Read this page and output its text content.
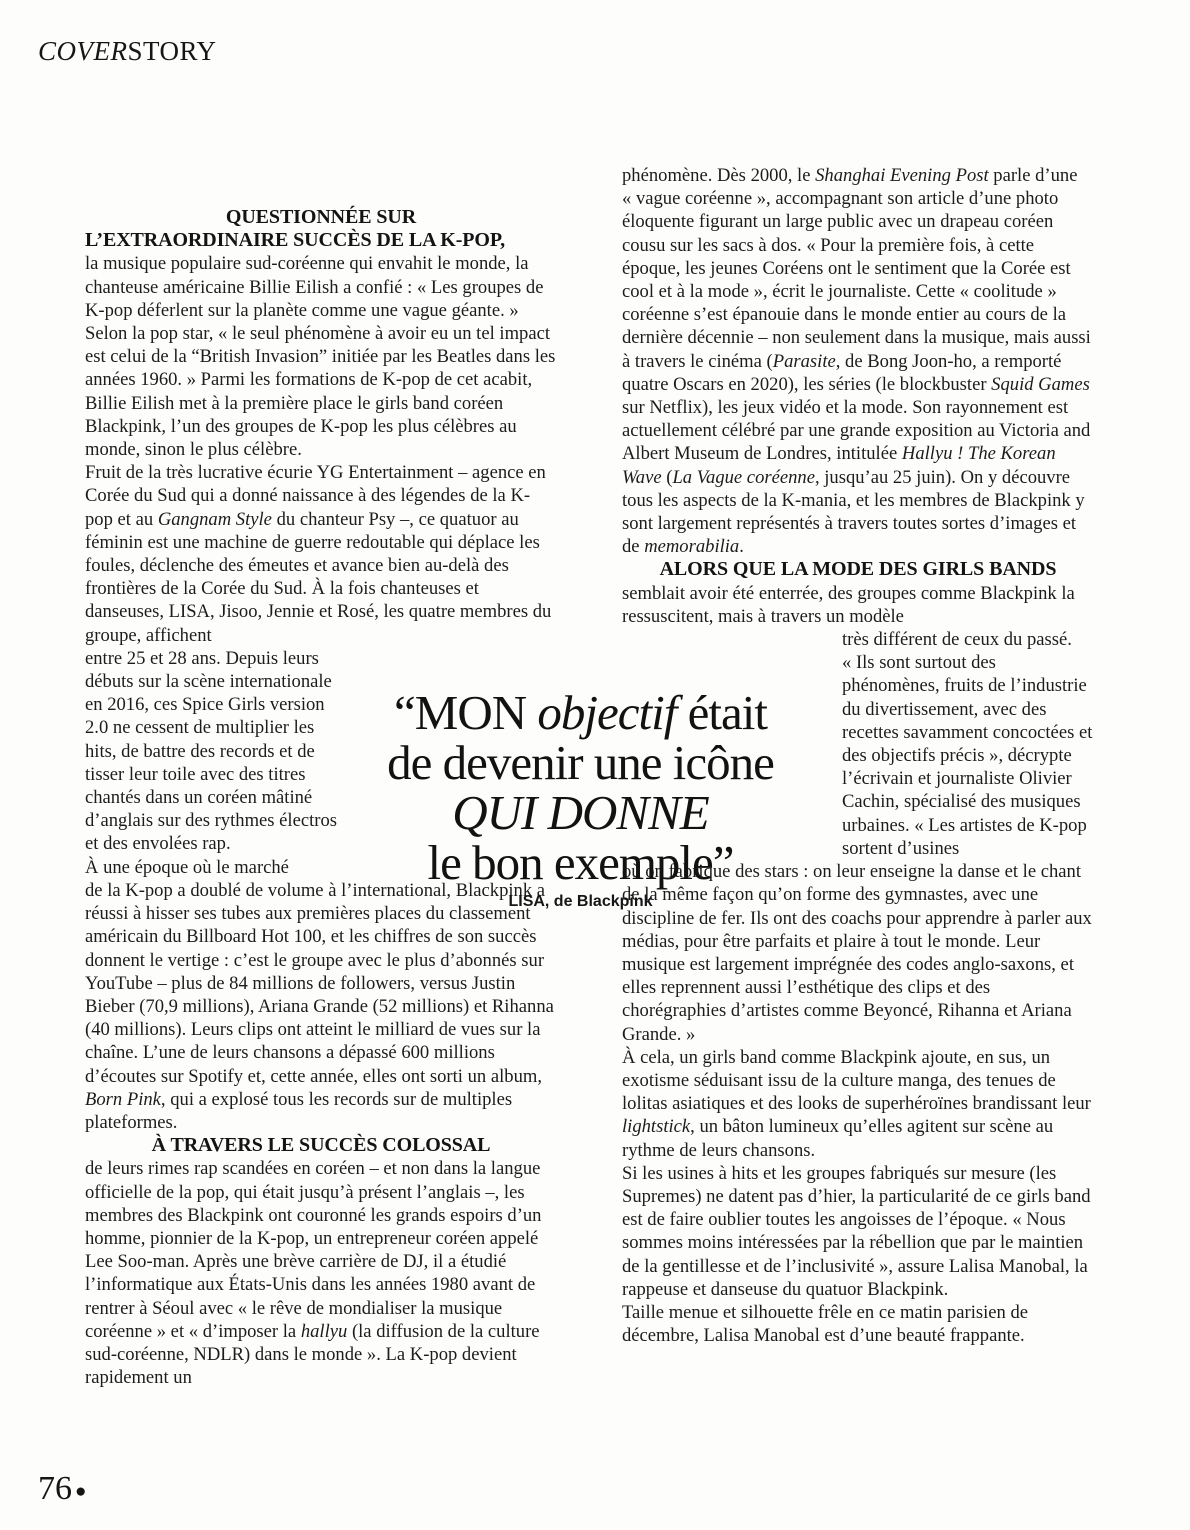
COVERSTORY

QUESTIONNÉE SUR

L’EXTRAORDINAIRE SUCCÈS DE LA K-POP,

la musique populaire sud-coréenne qui envahit le monde, la chanteuse américaine Billie Eilish a confié : « Les groupes de K-pop déferlent sur la planète comme une vague géante. » Selon la pop star, « le seul phénomène à avoir eu un tel impact est celui de la “British Invasion” initiée par les Beatles dans les années 1960. » Parmi les formations de K-pop de cet acabit, Billie Eilish met à la première place le girls band coréen Blackpink, l’un des groupes de K-pop les plus célèbres au monde, sinon le plus célèbre.

Fruit de la très lucrative écurie YG Entertainment – agence en Corée du Sud qui a donné naissance à des légendes de la K-pop et au Gangnam Style du chanteur Psy –, ce quatuor au féminin est une machine de guerre redoutable qui déplace les foules, déclenche des émeutes et avance bien au-delà des frontières de la Corée du Sud. À la fois chanteuses et danseuses, LISA, Jisoo, Jennie et Rosé, les quatre membres du groupe, affichent

entre 25 et 28 ans. Depuis leurs débuts sur la scène internationale en 2016, ces Spice Girls version 2.0 ne cessent de multiplier les hits, de battre des records et de tisser leur toile avec des titres chantés dans un coréen mâtiné d’anglais sur des rythmes électros et des envolées rap.

À une époque où le marché

de la K-pop a doublé de volume à l’international, Blackpink a réussi à hisser ses tubes aux premières places du classement américain du Billboard Hot 100, et les chiffres de son succès donnent le vertige : c’est le groupe avec le plus d’abonnés sur YouTube – plus de 84 millions de followers, versus Justin Bieber (70,9 millions), Ariana Grande (52 millions) et Rihanna (40 millions). Leurs clips ont atteint le milliard de vues sur la chaîne. L’une de leurs chansons a dépassé 600 millions d’écoutes sur Spotify et, cette année, elles ont sorti un album, Born Pink, qui a explosé tous les records sur de multiples plateformes.

À TRAVERS LE SUCCÈS COLOSSAL

de leurs rimes rap scandées en coréen – et non dans la langue officielle de la pop, qui était jusqu’à présent l’anglais –, les membres des Blackpink ont couronné les grands espoirs d’un homme, pionnier de la K-pop, un entrepreneur coréen appelé Lee Soo-man. Après une brève carrière de DJ, il a étudié l’informatique aux États-Unis dans les années 1980 avant de rentrer à Séoul avec « le rêve de mondialiser la musique coréenne » et « d’imposer la hallyu (la diffusion de la culture sud-coréenne, NDLR) dans le monde ». La K-pop devient rapidement un

phénomène. Dès 2000, le Shanghai Evening Post parle d’une « vague coréenne », accompagnant son article d’une photo éloquente figurant un large public avec un drapeau coréen cousu sur les sacs à dos. « Pour la première fois, à cette époque, les jeunes Coréens ont le sentiment que la Corée est cool et à la mode », écrit le journaliste. Cette « coolitude » coréenne s’est épanouie dans le monde entier au cours de la dernière décennie – non seulement dans la musique, mais aussi à travers le cinéma (Parasite, de Bong Joon-ho, a remporté quatre Oscars en 2020), les séries (le blockbuster Squid Games sur Netflix), les jeux vidéo et la mode. Son rayonnement est actuellement célébré par une grande exposition au Victoria and Albert Museum de Londres, intitulée Hallyu ! The Korean Wave (La Vague coréenne, jusqu’au 25 juin). On y découvre tous les aspects de la K-mania, et les membres de Blackpink y sont largement représentés à travers toutes sortes d’images et de memorabilia.

ALORS QUE LA MODE DES GIRLS BANDS

semblait avoir été enterrée, des groupes comme Blackpink la ressuscitent, mais à travers un modèle

très différent de ceux du passé. « Ils sont surtout des phénomènes, fruits de l’industrie du divertissement, avec des recettes savamment concoctées et des objectifs précis », décrypte l’écrivain et journaliste Olivier Cachin, spécialisé des musiques urbaines. « Les artistes de K-pop sortent d’usines

où on fabrique des stars : on leur enseigne la danse et le chant de la même façon qu’on forme des gymnastes, avec une discipline de fer. Ils ont des coachs pour apprendre à parler aux médias, pour être parfaits et plaire à tout le monde. Leur musique est largement imprégnée des codes anglo-saxons, et elles reprennent aussi l’esthétique des clips et des chorégraphies d’artistes comme Beyoncé, Rihanna et Ariana Grande. »

À cela, un girls band comme Blackpink ajoute, en sus, un exotisme séduisant issu de la culture manga, des tenues de lolitas asiatiques et des looks de superhéroïnes brandissant leur lightstick, un bâton lumineux qu’elles agitent sur scène au rythme de leurs chansons.

Si les usines à hits et les groupes fabriqués sur mesure (les Supremes) ne datent pas d’hier, la particularité de ce girls band est de faire oublier toutes les angoisses de l’époque. « Nous sommes moins intéressées par la rébellion que par le maintien de la gentillesse et de l’inclusivité », assure Lalisa Manobal, la rappeuse et danseuse du quatuor Blackpink.

Taille menue et silhouette frêle en ce matin parisien de décembre, Lalisa Manobal est d’une beauté frappante.

“MON objectif était

de devenir une icône

QUI DONNE

le bon exemple”

LISA, de Blackpink

76 ●
